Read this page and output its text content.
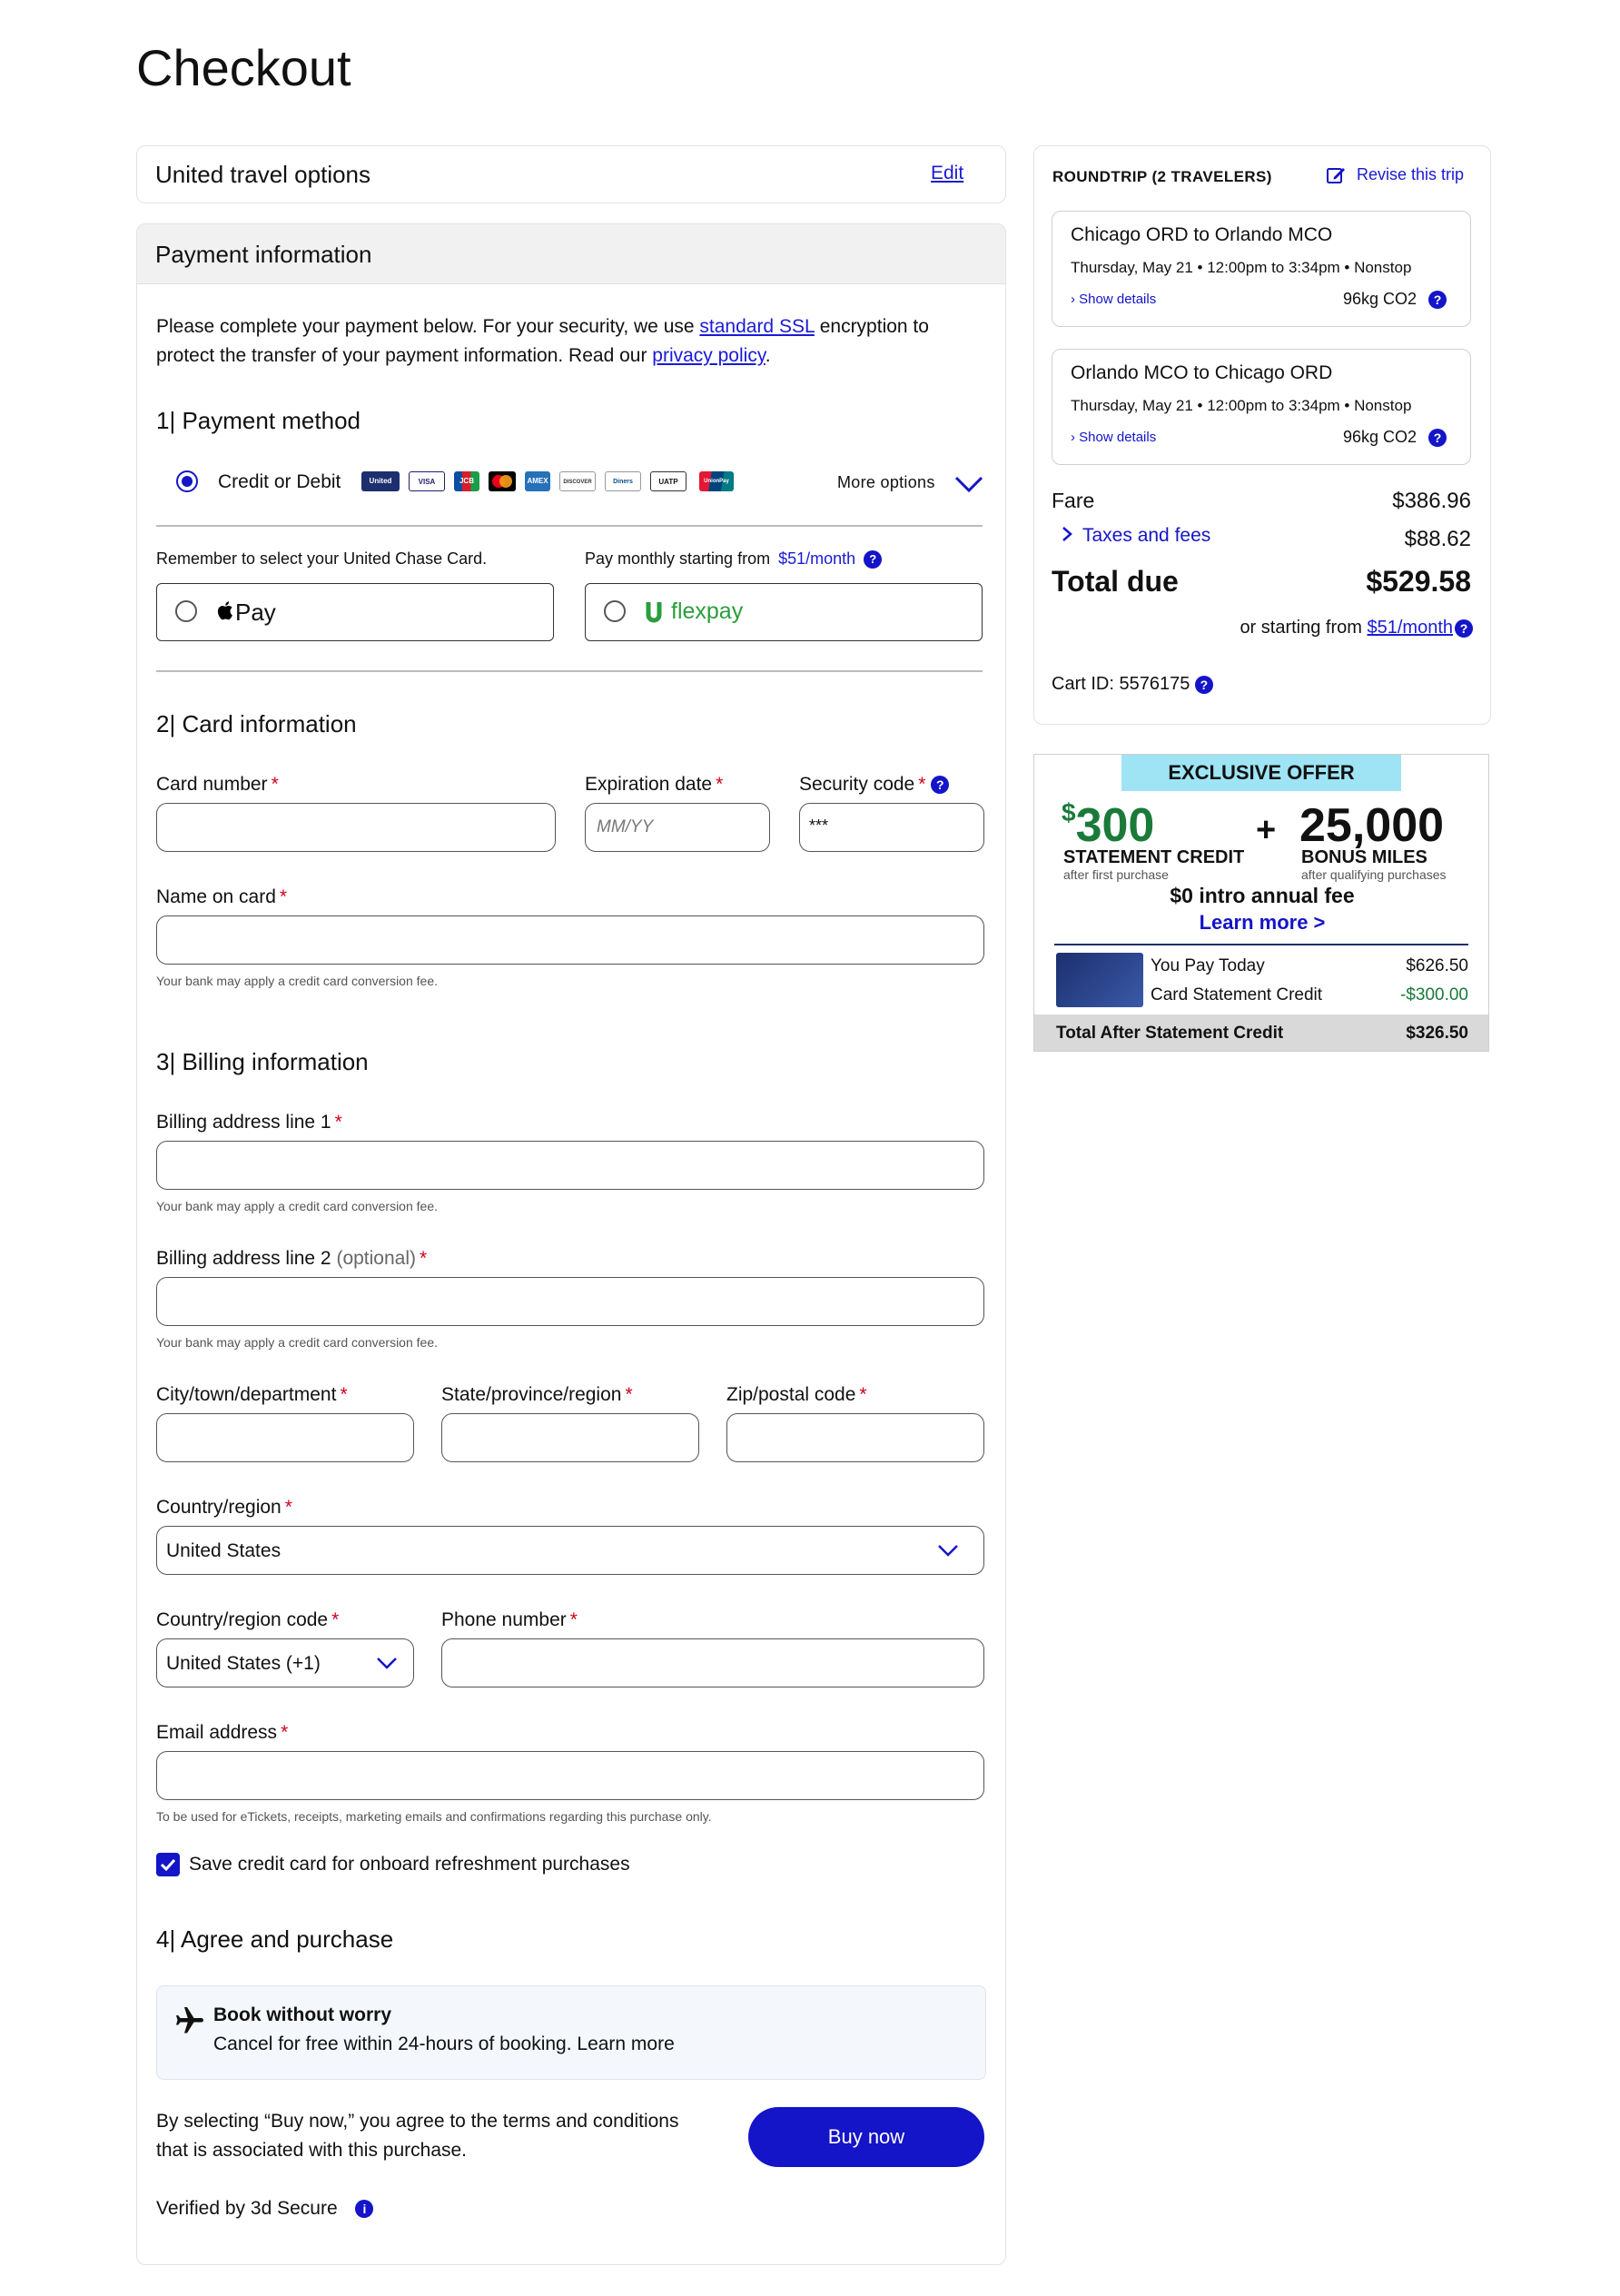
Checkout
United travel options	Edit
Payment information
Please complete your payment below. For your security, we use standard SSL encryption to protect the transfer of your payment information. Read our privacy policy.
1| Payment method
Credit or Debit	United	VISA	JCB	AMEX	DISCOVER	Diners	UATP	UnionPay	More options
Remember to select your United Chase Card.	Pay monthly starting from $51/month ?
Pay	flexpay
2| Card information
Card number *	Expiration date *
MM/YY
Security code * ?
***
Name on card *
Your bank may apply a credit card conversion fee.
3| Billing information
Billing address line 1 *
Your bank may apply a credit card conversion fee.
Billing address line 2 (optional) *
Your bank may apply a credit card conversion fee.
City/town/department *	State/province/region *	Zip/postal code *
Country/region *
United States
Country/region code *
United States (+1)
Phone number *
Email address *
To be used for eTickets, receipts, marketing emails and confirmations regarding this purchase only.
Save credit card for onboard refreshment purchases
4| Agree and purchase
Book without worry
Cancel for free within 24-hours of booking. Learn more
By selecting “Buy now,” you agree to the terms and conditions that is associated with this purchase.
Buy now
Verified by 3d Secure i
ROUNDTRIP (2 TRAVELERS)	Revise this trip
Chicago ORD to Orlando MCO
Thursday, May 21 • 12:00pm to 3:34pm • Nonstop
› Show details	96kg CO2 ?
Orlando MCO to Chicago ORD
Thursday, May 21 • 12:00pm to 3:34pm • Nonstop
› Show details	96kg CO2 ?
Fare	$386.96
Taxes and fees	$88.62
Total due	$529.58
or starting from $51/month ?
Cart ID: 5576175 ?
EXCLUSIVE OFFER
$300
STATEMENT CREDIT
after first purchase
+ 25,000
BONUS MILES
after qualifying purchases
$0 intro annual fee
Learn more >
You Pay Today	$626.50
Card Statement Credit	-$300.00
Total After Statement Credit	$326.50
